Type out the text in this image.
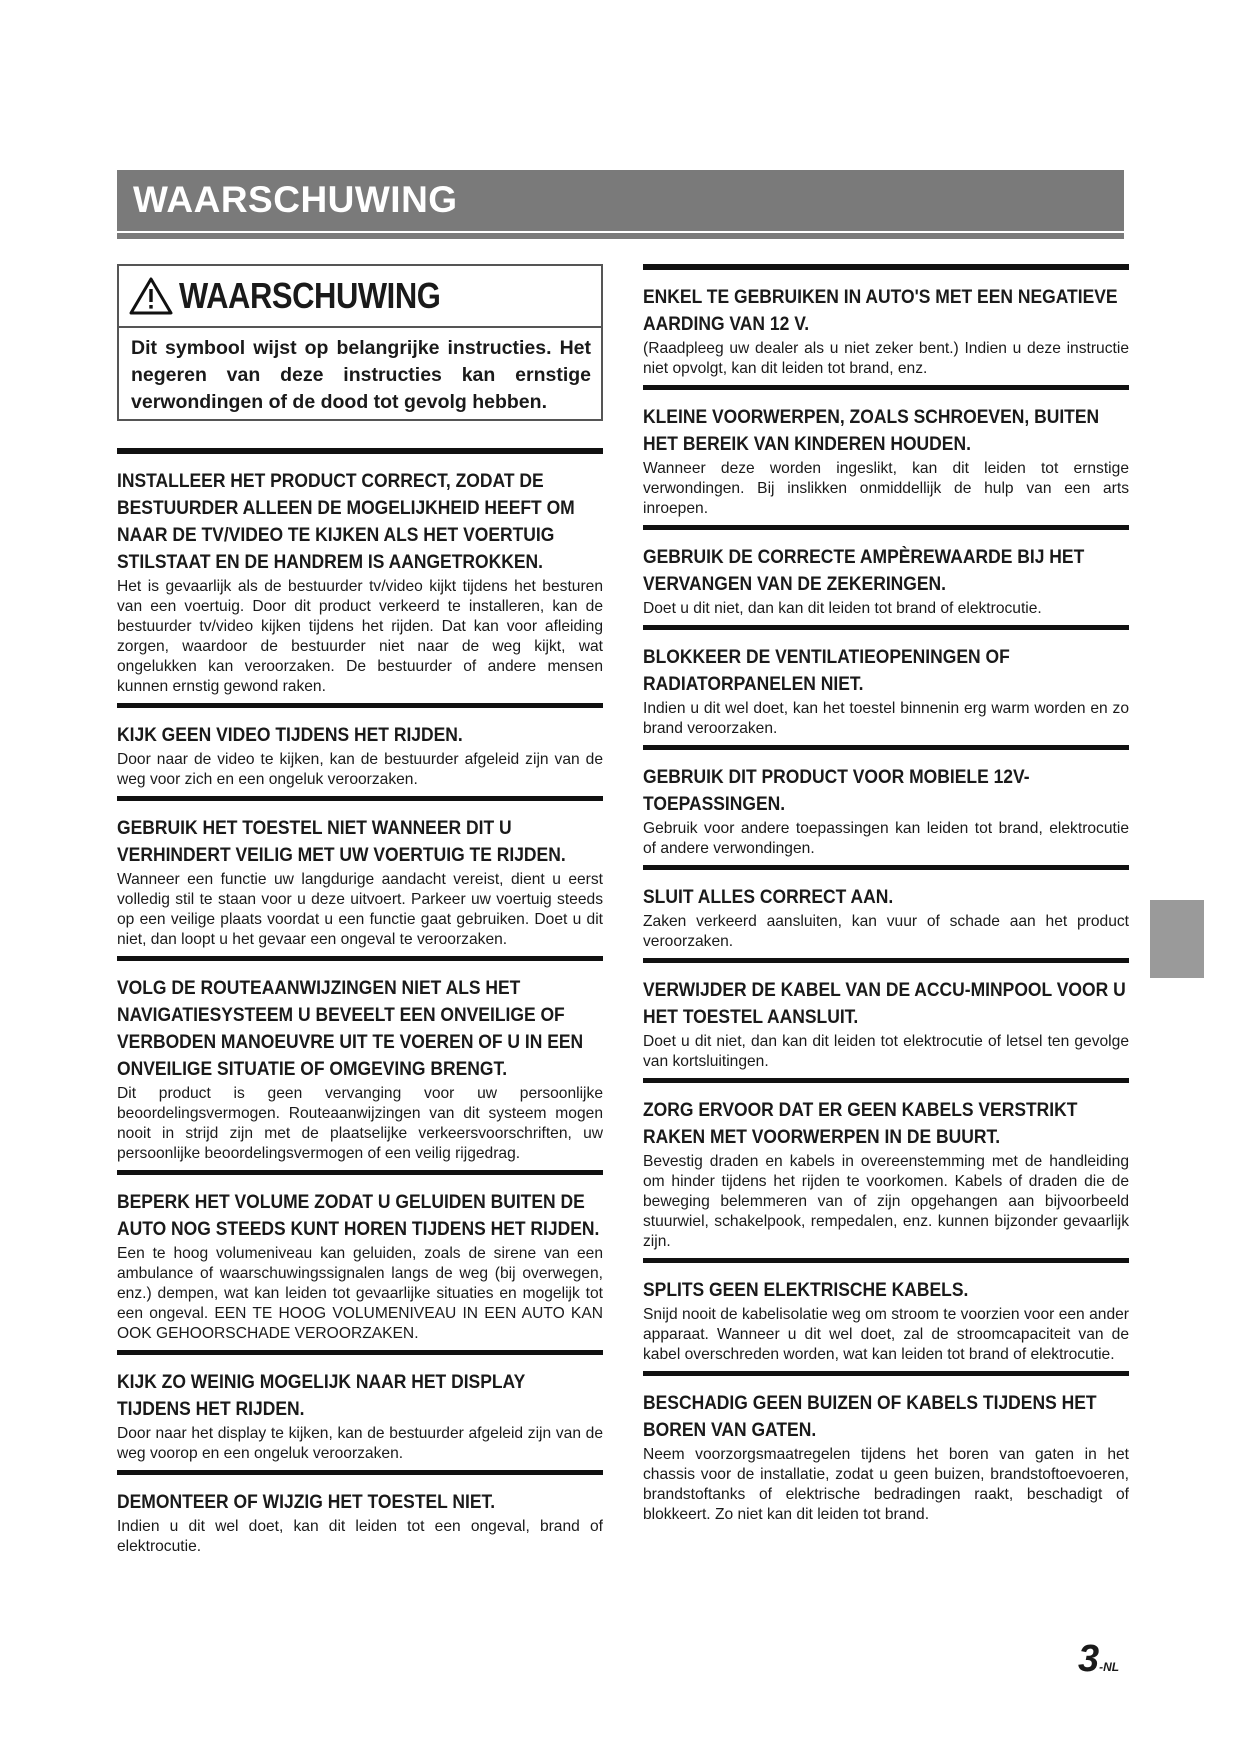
WAARSCHUWING
WAARSCHUWING
Dit symbool wijst op belangrijke instructies. Het negeren van deze instructies kan ernstige verwondingen of de dood tot gevolg hebben.
INSTALLEER HET PRODUCT CORRECT, ZODAT DE BESTUURDER ALLEEN DE MOGELIJKHEID HEEFT OM NAAR DE TV/VIDEO TE KIJKEN ALS HET VOERTUIG STILSTAAT EN DE HANDREM IS AANGETROKKEN.

Het is gevaarlijk als de bestuurder tv/video kijkt tijdens het besturen van een voertuig. Door dit product verkeerd te installeren, kan de bestuurder tv/video kijken tijdens het rijden. Dat kan voor afleiding zorgen, waardoor de bestuurder niet naar de weg kijkt, wat ongelukken kan veroorzaken. De bestuurder of andere mensen kunnen ernstig gewond raken.

KIJK GEEN VIDEO TIJDENS HET RIJDEN.

Door naar de video te kijken, kan de bestuurder afgeleid zijn van de weg voor zich en een ongeluk veroorzaken.

GEBRUIK HET TOESTEL NIET WANNEER DIT U VERHINDERT VEILIG MET UW VOERTUIG TE RIJDEN.

Wanneer een functie uw langdurige aandacht vereist, dient u eerst volledig stil te staan voor u deze uitvoert. Parkeer uw voertuig steeds op een veilige plaats voordat u een functie gaat gebruiken. Doet u dit niet, dan loopt u het gevaar een ongeval te veroorzaken.

VOLG DE ROUTEAANWIJZINGEN NIET ALS HET NAVIGATIESYSTEEM U BEVEELT EEN ONVEILIGE OF VERBODEN MANOEUVRE UIT TE VOEREN OF U IN EEN ONVEILIGE SITUATIE OF OMGEVING BRENGT.

Dit product is geen vervanging voor uw persoonlijke beoordelingsvermogen. Routeaanwijzingen van dit systeem mogen nooit in strijd zijn met de plaatselijke verkeersvoorschriften, uw persoonlijke beoordelingsvermogen of een veilig rijgedrag.

BEPERK HET VOLUME ZODAT U GELUIDEN BUITEN DE AUTO NOG STEEDS KUNT HOREN TIJDENS HET RIJDEN.

Een te hoog volumeniveau kan geluiden, zoals de sirene van een ambulance of waarschuwingssignalen langs de weg (bij overwegen, enz.) dempen, wat kan leiden tot gevaarlijke situaties en mogelijk tot een ongeval. EEN TE HOOG VOLUMENIVEAU IN EEN AUTO KAN OOK GEHOORSCHADE VEROORZAKEN.

KIJK ZO WEINIG MOGELIJK NAAR HET DISPLAY TIJDENS HET RIJDEN.

Door naar het display te kijken, kan de bestuurder afgeleid zijn van de weg voorop en een ongeluk veroorzaken.

DEMONTEER OF WIJZIG HET TOESTEL NIET.

Indien u dit wel doet, kan dit leiden tot een ongeval, brand of elektrocutie.

ENKEL TE GEBRUIKEN IN AUTO'S MET EEN NEGATIEVE AARDING VAN 12 V.

(Raadpleeg uw dealer als u niet zeker bent.) Indien u deze instructie niet opvolgt, kan dit leiden tot brand, enz.

KLEINE VOORWERPEN, ZOALS SCHROEVEN, BUITEN HET BEREIK VAN KINDEREN HOUDEN.

Wanneer deze worden ingeslikt, kan dit leiden tot ernstige verwondingen. Bij inslikken onmiddellijk de hulp van een arts inroepen.

GEBRUIK DE CORRECTE AMPÈREWAARDE BIJ HET VERVANGEN VAN DE ZEKERINGEN.

Doet u dit niet, dan kan dit leiden tot brand of elektrocutie.

BLOKKEER DE VENTILATIEOPENINGEN OF RADIATORPANELEN NIET.

Indien u dit wel doet, kan het toestel binnenin erg warm worden en zo brand veroorzaken.

GEBRUIK DIT PRODUCT VOOR MOBIELE 12V-TOEPASSINGEN.

Gebruik voor andere toepassingen kan leiden tot brand, elektrocutie of andere verwondingen.

SLUIT ALLES CORRECT AAN.

Zaken verkeerd aansluiten, kan vuur of schade aan het product veroorzaken.

VERWIJDER DE KABEL VAN DE ACCU-MINPOOL VOOR U HET TOESTEL AANSLUIT.

Doet u dit niet, dan kan dit leiden tot elektrocutie of letsel ten gevolge van kortsluitingen.

ZORG ERVOOR DAT ER GEEN KABELS VERSTRIKT RAKEN MET VOORWERPEN IN DE BUURT.

Bevestig draden en kabels in overeenstemming met de handleiding om hinder tijdens het rijden te voorkomen. Kabels of draden die de beweging belemmeren van of zijn opgehangen aan bijvoorbeeld stuurwiel, schakelpook, rempedalen, enz. kunnen bijzonder gevaarlijk zijn.

SPLITS GEEN ELEKTRISCHE KABELS.

Snijd nooit de kabelisolatie weg om stroom te voorzien voor een ander apparaat. Wanneer u dit wel doet, zal de stroomcapaciteit van de kabel overschreden worden, wat kan leiden tot brand of elektrocutie.

BESCHADIG GEEN BUIZEN OF KABELS TIJDENS HET BOREN VAN GATEN.

Neem voorzorgsmaatregelen tijdens het boren van gaten in het chassis voor de installatie, zodat u geen buizen, brandstoftoevoeren, brandstoftanks of elektrische bedradingen raakt, beschadigt of blokkeert. Zo niet kan dit leiden tot brand.

3-NL
